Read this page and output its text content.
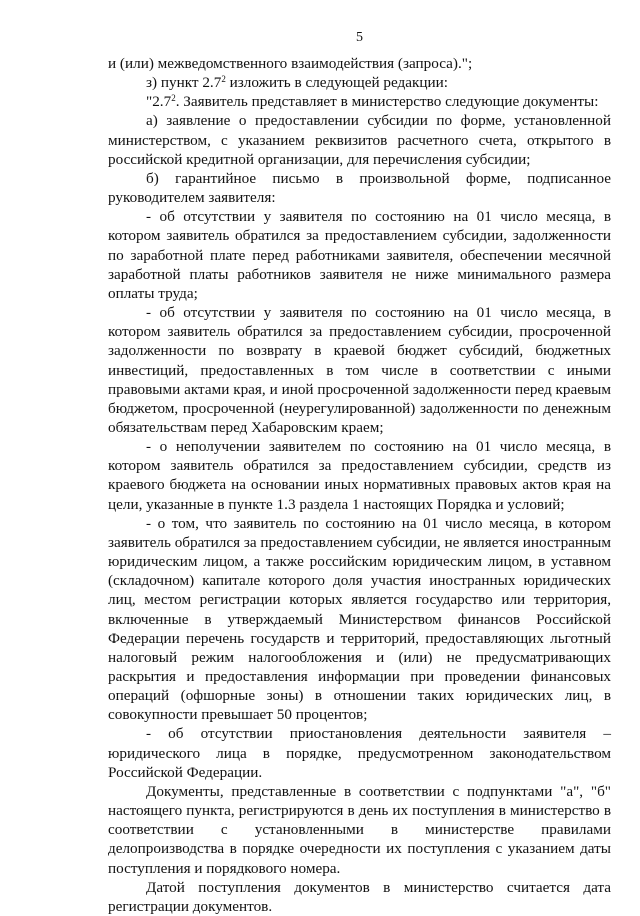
5

и (или) межведомственного взаимодействия (запроса).";

з) пункт $2.7^2$ изложить в следующей редакции:

"$2.7^2$. Заявитель представляет в министерство следующие документы:

а) заявление о предоставлении субсидии по форме, установленной министерством, с указанием реквизитов расчетного счета, открытого в российской кредитной организации, для перечисления субсидии;

б) гарантийное письмо в произвольной форме, подписанное руководителем заявителя:

- об отсутствии у заявителя по состоянию на 01 число месяца, в котором заявитель обратился за предоставлением субсидии, задолженности по заработной плате перед работниками заявителя, обеспечении месячной заработной платы работников заявителя не ниже минимального размера оплаты труда;

- об отсутствии у заявителя по состоянию на 01 число месяца, в котором заявитель обратился за предоставлением субсидии, просроченной задолженности по возврату в краевой бюджет субсидий, бюджетных инвестиций, предоставленных в том числе в соответствии с иными правовыми актами края, и иной просроченной задолженности перед краевым бюджетом, просроченной (неурегулированной) задолженности по денежным обязательствам перед Хабаровским краем;

- о неполучении заявителем по состоянию на 01 число месяца, в котором заявитель обратился за предоставлением субсидии, средств из краевого бюджета на основании иных нормативных правовых актов края на цели, указанные в пункте 1.3 раздела 1 настоящих Порядка и условий;

- о том, что заявитель по состоянию на 01 число месяца, в котором заявитель обратился за предоставлением субсидии, не является иностранным юридическим лицом, а также российским юридическим лицом, в уставном (складочном) капитале которого доля участия иностранных юридических лиц, местом регистрации которых является государство или территория, включенные в утверждаемый Министерством финансов Российской Федерации перечень государств и территорий, предоставляющих льготный налоговый режим налогообложения и (или) не предусматривающих раскрытия и предоставления информации при проведении финансовых операций (офшорные зоны) в отношении таких юридических лиц, в совокупности превышает 50 процентов;

- об отсутствии приостановления деятельности заявителя – юридического лица в порядке, предусмотренном законодательством Российской Федерации.

Документы, представленные в соответствии с подпунктами "а", "б" настоящего пункта, регистрируются в день их поступления в министерство в соответствии с установленными в министерстве правилами делопроизводства в порядке очередности их поступления с указанием даты поступления и порядкового номера.

Датой поступления документов в министерство считается дата регистрации документов.
